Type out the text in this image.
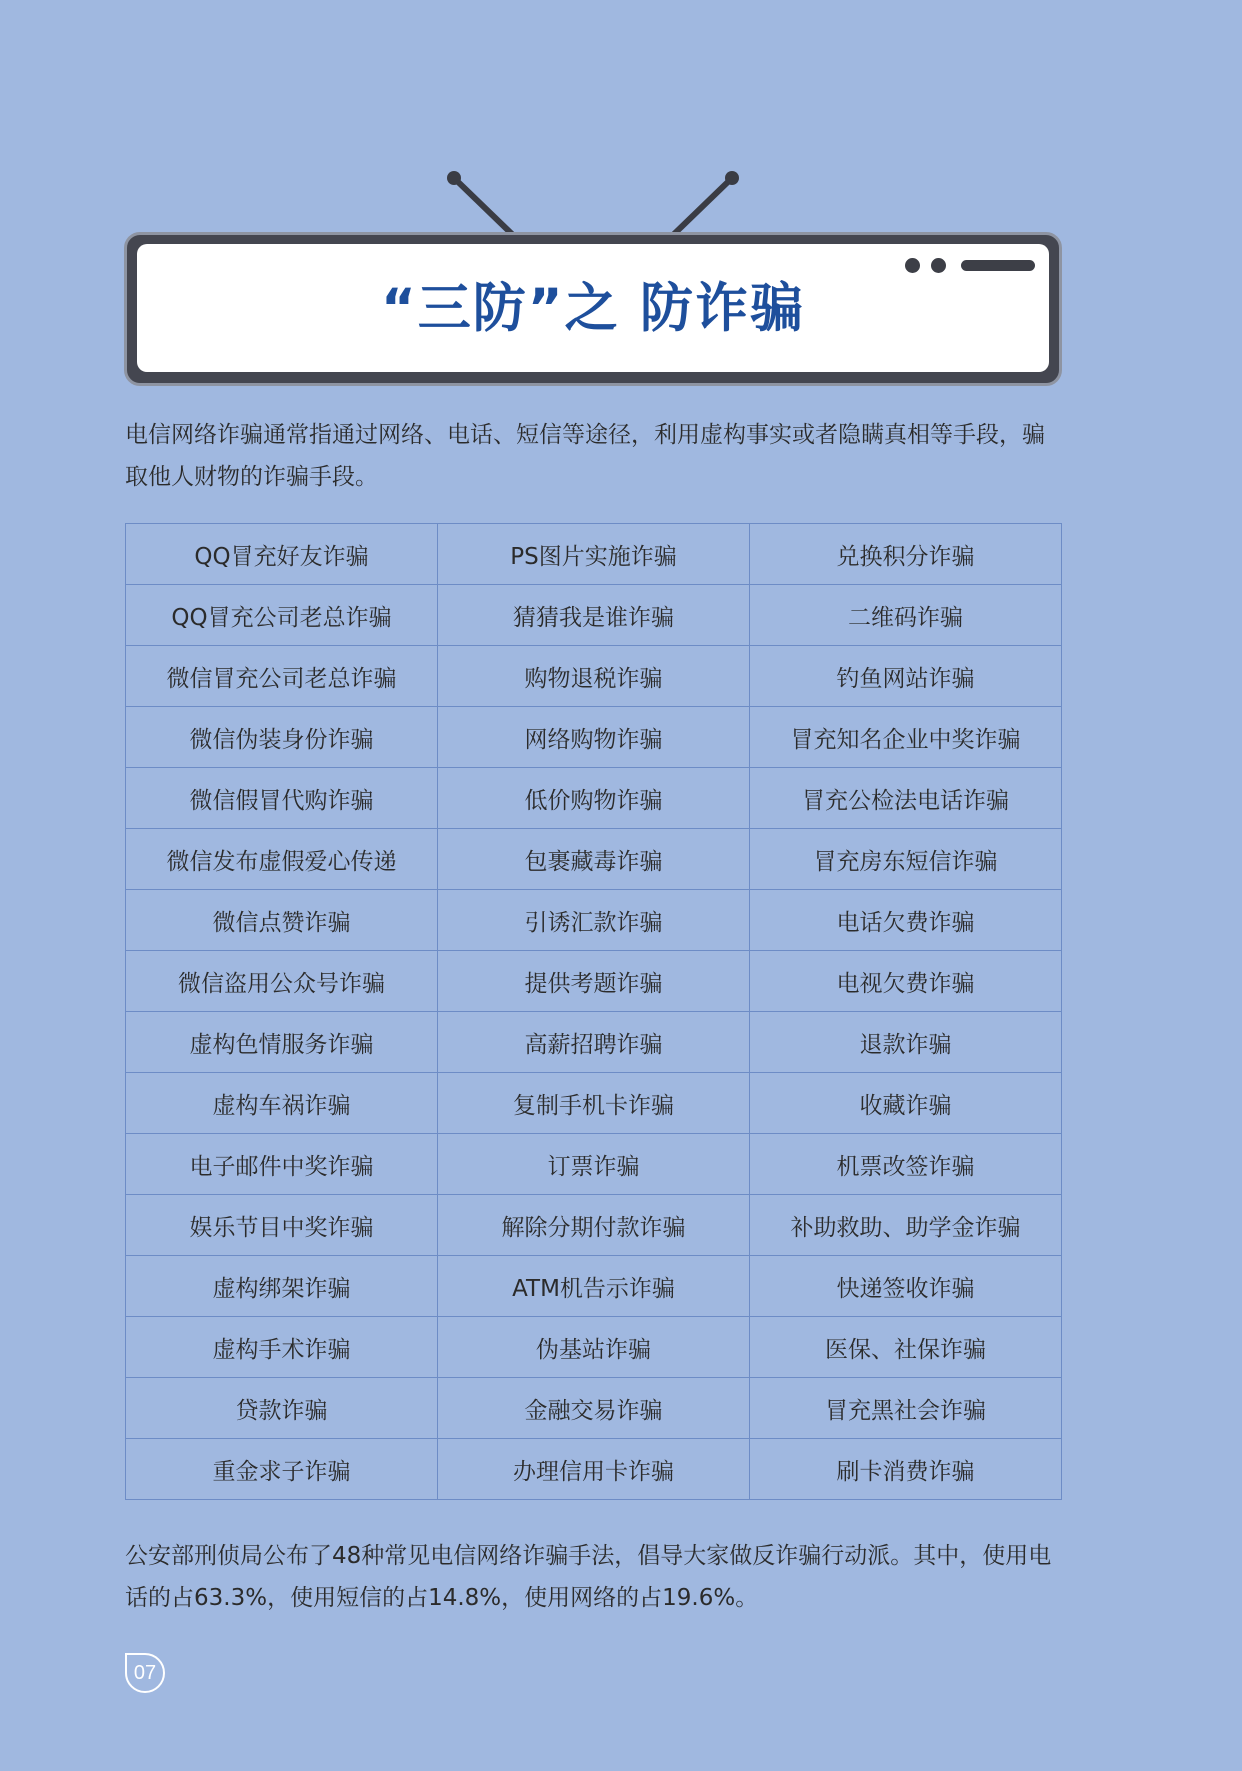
“三防”之 防诈骗

电信网络诈骗通常指通过网络、电话、短信等途径，利用虚构事实或者隐瞒真相等手段，骗取他人财物的诈骗手段。

QQ冒充好友诈骗	PS图片实施诈骗	兑换积分诈骗
QQ冒充公司老总诈骗	猜猜我是谁诈骗	二维码诈骗
微信冒充公司老总诈骗	购物退税诈骗	钓鱼网站诈骗
微信伪装身份诈骗	网络购物诈骗	冒充知名企业中奖诈骗
微信假冒代购诈骗	低价购物诈骗	冒充公检法电话诈骗
微信发布虚假爱心传递	包裹藏毒诈骗	冒充房东短信诈骗
微信点赞诈骗	引诱汇款诈骗	电话欠费诈骗
微信盗用公众号诈骗	提供考题诈骗	电视欠费诈骗
虚构色情服务诈骗	高薪招聘诈骗	退款诈骗
虚构车祸诈骗	复制手机卡诈骗	收藏诈骗
电子邮件中奖诈骗	订票诈骗	机票改签诈骗
娱乐节目中奖诈骗	解除分期付款诈骗	补助救助、助学金诈骗
虚构绑架诈骗	ATM机告示诈骗	快递签收诈骗
虚构手术诈骗	伪基站诈骗	医保、社保诈骗
贷款诈骗	金融交易诈骗	冒充黑社会诈骗
重金求子诈骗	办理信用卡诈骗	刷卡消费诈骗

公安部刑侦局公布了48种常见电信网络诈骗手法，倡导大家做反诈骗行动派。其中，使用电话的占63.3%，使用短信的占14.8%，使用网络的占19.6%。

07
